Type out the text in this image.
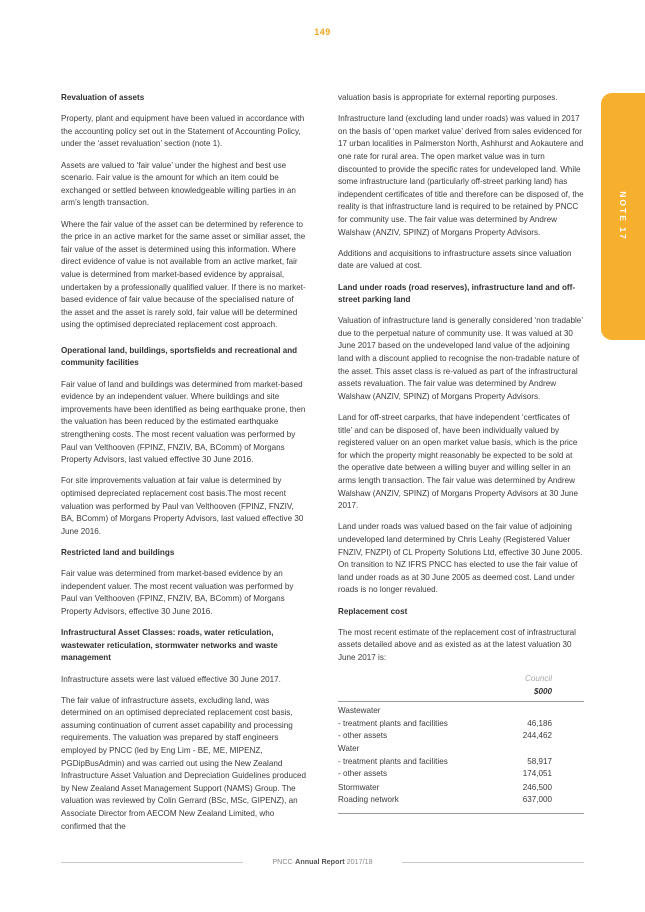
149
NOTE 17
Revaluation of assets

Property, plant and equipment have been valued in accordance with the accounting policy set out in the Statement of Accounting Policy, under the ‘asset revaluation’ section (note 1).

Assets are valued to ‘fair value’ under the highest and best use scenario. Fair value is the amount for which an item could be exchanged or settled between knowledgeable willing parties in an arm’s length transaction.

Where the fair value of the asset can be determined by reference to the price in an active market for the same asset or similiar asset, the fair value of the asset is determined using this information. Where direct evidence of value is not available from an active market, fair value is determined from market-based evidence by appraisal, undertaken by a professionally qualified valuer. If there is no market-based evidence of fair value because of the specialised nature of the asset and the asset is rarely sold, fair value will be determined using the optimised depreciated replacement cost approach.

Operational land, buildings, sportsfields and recreational and community facilities

Fair value of land and buildings was determined from market-based evidence by an independent valuer. Where buildings and site improvements have been identified as being earthquake prone, then the valuation has been reduced by the estimated earthquake strengthening costs. The most recent valuation was performed by Paul van Velthooven (FPINZ, FNZIV, BA, BComm) of Morgans Property Advisors, last valued effective 30 June 2016.

For site improvements valuation at fair value is determined by optimised depreciated replacement cost basis.The most recent valuation was performed by Paul van Velthooven (FPINZ, FNZIV, BA, BComm) of Morgans Property Advisors, last valued effective 30 June 2016.

Restricted land and buildings

Fair value was determined from market-based evidence by an independent valuer. The most recent valuation was performed by Paul van Velthooven (FPINZ, FNZIV, BA, BComm) of Morgans Property Advisors, effective 30 June 2016.

Infrastructural Asset Classes: roads, water reticulation, wastewater reticulation, stormwater networks and waste management

Infrastructure assets were last valued effective 30 June 2017.

The fair value of infrastructure assets, excluding land, was determined on an optimised depreciated replacement cost basis, assuming continuation of current asset capability and processing requirements. The valuation was prepared by staff engineers employed by PNCC (led by Eng Lim - BE, ME, MIPENZ, PGDipBusAdmin) and was carried out using the New Zealand Infrastructure Asset Valuation and Depreciation Guidelines produced by New Zealand Asset Management Support (NAMS) Group. The valuation was reviewed by Colin Gerrard (BSc, MSc, GIPENZ), an Associate Director from AECOM New Zealand Limited, who confirmed that the

valuation basis is appropriate for external reporting purposes.

Infrastructure land (excluding land under roads) was valued in 2017 on the basis of ‘open market value’ derived from sales evidenced for 17 urban localities in Palmerston North, Ashhurst and Aokautere and one rate for rural area. The open market value was in turn discounted to provide the specific rates for undeveloped land. While some infrastructure land (particularly off-street parking land) has independent certificates of title and therefore can be disposed of, the reality is that infrastructure land is required to be retained by PNCC for community use. The fair value was determined by Andrew Walshaw (ANZIV, SPINZ) of Morgans Property Advisors.

Additions and acquisitions to infrastructure assets since valuation date are valued at cost.

Land under roads (road reserves), infrastructure land and off-street parking land

Valuation of infrastructure land is generally considered ‘non tradable’ due to the perpetual nature of community use. It was valued at 30 June 2017 based on the undeveloped land value of the adjoining land with a discount applied to recognise the non-tradable nature of the asset. This asset class is re-valued as part of the infrastructural assets revaluation. The fair value was determined by Andrew Walshaw (ANZIV, SPINZ) of Morgans Property Advisors.

Land for off-street carparks, that have independent ‘certficates of title’ and can be disposed of, have been individually valued by registered valuer on an open market value basis, which is the price for which the property might reasonably be expected to be sold at the operative date between a willing buyer and willing seller in an arms length transaction. The fair value was determined by Andrew Walshaw (ANZIV, SPINZ) of Morgans Property Advisors at 30 June 2017.

Land under roads was valued based on the fair value of adjoining undeveloped land determined by Chris Leahy (Registered Valuer FNZIV, FNZPI) of CL Property Solutions Ltd, effective 30 June 2005. On transition to NZ IFRS PNCC has elected to use the fair value of land under roads as at 30 June 2005 as deemed cost. Land under roads is no longer revalued.

Replacement cost

The most recent estimate of the replacement cost of infrastructural assets detailed above and as existed as at the latest valuation 30 June 2017 is:

Council
$000
Wastewater
- treatment plants and facilities	46,186
- other assets	244,462
Water
- treatment plants and facilities	58,917
- other assets	174,051
Stormwater	246,500
Roading network	637,000
PNCC·Annual Report 2017/18
